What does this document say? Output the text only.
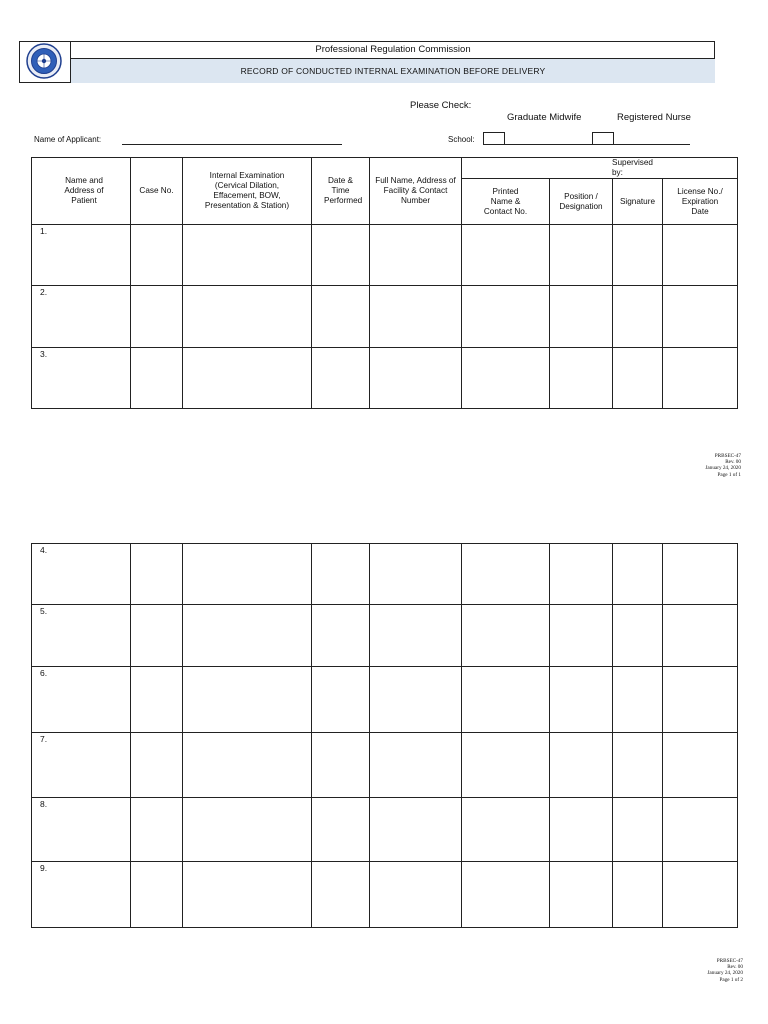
Professional Regulation Commission
RECORD OF CONDUCTED INTERNAL EXAMINATION BEFORE DELIVERY
Please Check:
Graduate Midwife	Registered Nurse
Name of Applicant:	School:
Name and Address of Patient	Case No.	Internal Examination (Cervical Dilation, Effacement, BOW, Presentation & Station)	Date & Time Performed	Full Name, Address of Facility & Contact Number	Supervised by:			
					Printed Name & Contact No.	Position / Designation	Signature	License No./ Expiration Date

1.								

2.								

3.								

PRBSEC-47
Rev. 00
January 24, 2020
Page 1 of 1
4.								

5.								

6.								

7.								

8.								

9.								

PRBSEC-47
Rev. 00
January 24, 2020
Page 1 of 2
